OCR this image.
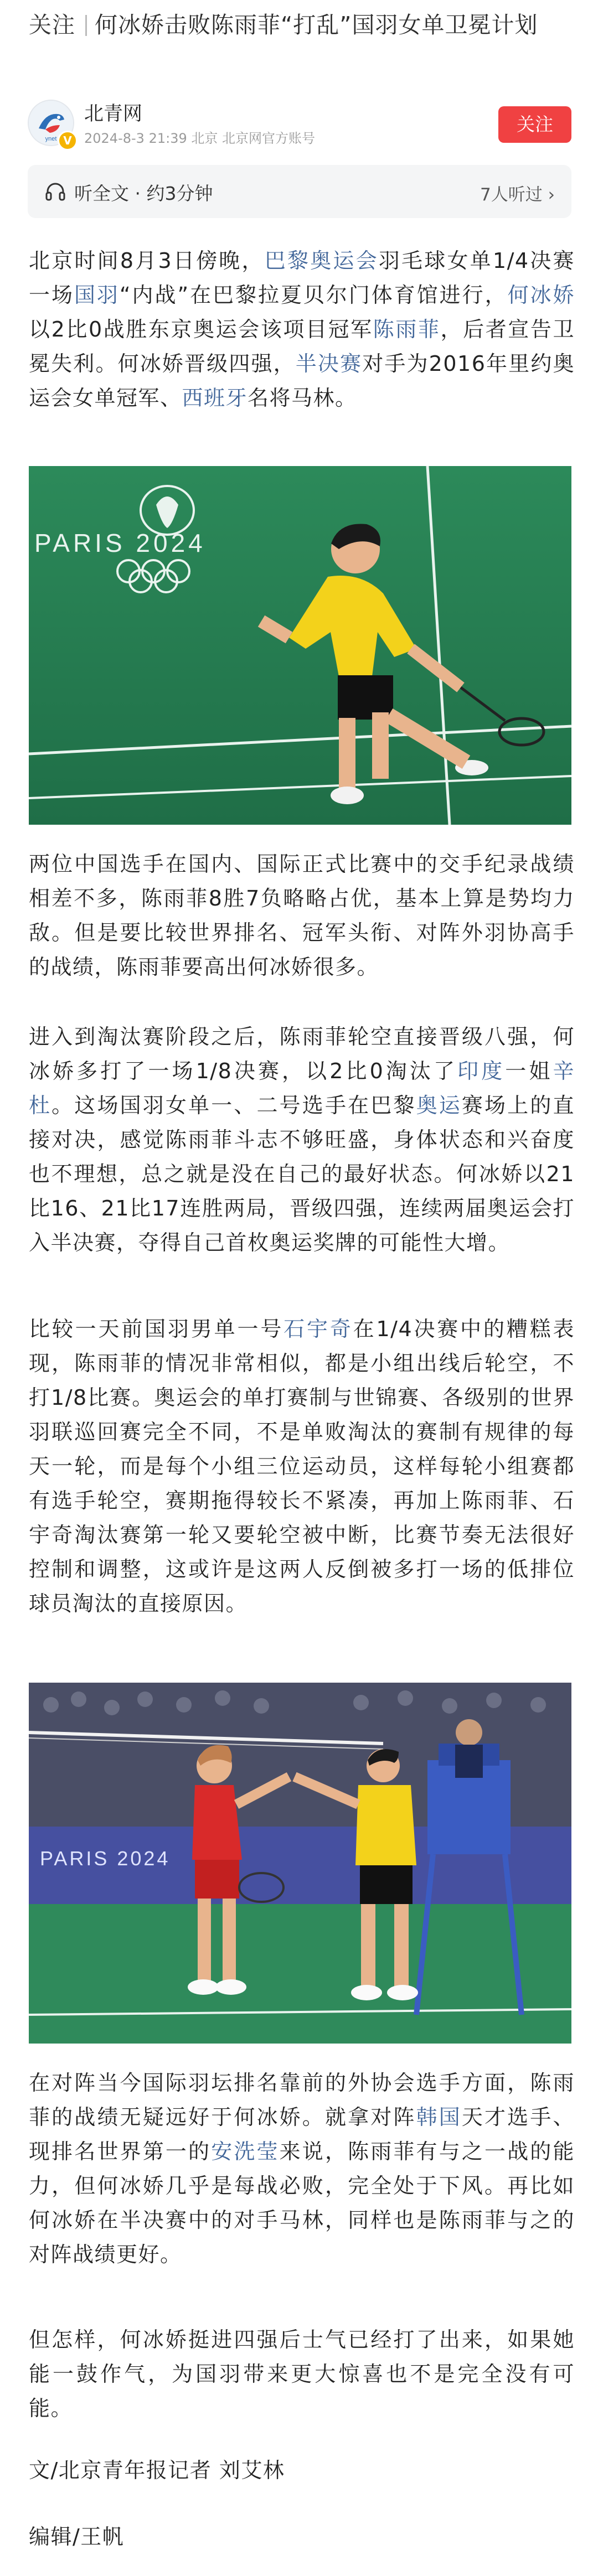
关注 何冰娇击败陈雨菲“打乱”国羽女单卫冕计划
ynet V
北青网
2024-8-3 21:39 北京 北京网官方账号
关注
听全文 · 约3分钟	7人听过 ›

北京时间8月3日傍晚，巴黎奥运会羽毛球女单1/4决赛一场国羽“内战”在巴黎拉夏贝尔门体育馆进行，何冰娇以2比0战胜东京奥运会该项目冠军陈雨菲，后者宣告卫冕失利。何冰娇晋级四强，半决赛对手为2016年里约奥运会女单冠军、西班牙名将马林。

PARIS 2024

两位中国选手在国内、国际正式比赛中的交手纪录战绩相差不多，陈雨菲8胜7负略略占优，基本上算是势均力敌。但是要比较世界排名、冠军头衔、对阵外羽协高手的战绩，陈雨菲要高出何冰娇很多。

进入到淘汰赛阶段之后，陈雨菲轮空直接晋级八强，何冰娇多打了一场1/8决赛，以2比0淘汰了印度一姐辛杜。这场国羽女单一、二号选手在巴黎奥运赛场上的直接对决，感觉陈雨菲斗志不够旺盛，身体状态和兴奋度也不理想，总之就是没在自己的最好状态。何冰娇以21比16、21比17连胜两局，晋级四强，连续两届奥运会打入半决赛，夺得自己首枚奥运奖牌的可能性大增。

比较一天前国羽男单一号石宇奇在1/4决赛中的糟糕表现，陈雨菲的情况非常相似，都是小组出线后轮空，不打1/8比赛。奥运会的单打赛制与世锦赛、各级别的世界羽联巡回赛完全不同，不是单败淘汰的赛制有规律的每天一轮，而是每个小组三位运动员，这样每轮小组赛都有选手轮空，赛期拖得较长不紧凑，再加上陈雨菲、石宇奇淘汰赛第一轮又要轮空被中断，比赛节奏无法很好控制和调整，这或许是这两人反倒被多打一场的低排位球员淘汰的直接原因。

PARIS 2024

在对阵当今国际羽坛排名靠前的外协会选手方面，陈雨菲的战绩无疑远好于何冰娇。就拿对阵韩国天才选手、现排名世界第一的安洗莹来说，陈雨菲有与之一战的能力，但何冰娇几乎是每战必败，完全处于下风。再比如何冰娇在半决赛中的对手马林，同样也是陈雨菲与之的对阵战绩更好。

但怎样，何冰娇挺进四强后士气已经打了出来，如果她能一鼓作气，为国羽带来更大惊喜也不是完全没有可能。

文/北京青年报记者 刘艾林

编辑/王帆
